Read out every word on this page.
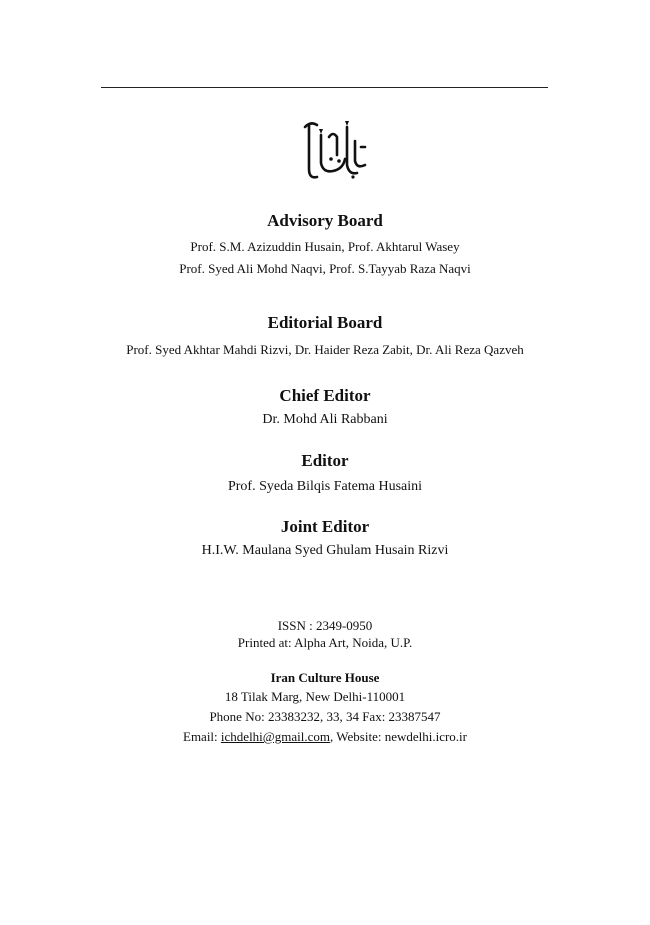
Advisory Board
Prof. S.M. Azizuddin Husain, Prof. Akhtarul Wasey
Prof. Syed Ali Mohd Naqvi, Prof. S.Tayyab Raza Naqvi
Editorial Board
Prof. Syed Akhtar Mahdi Rizvi, Dr. Haider Reza Zabit, Dr. Ali Reza Qazveh
Chief Editor
Dr. Mohd Ali Rabbani
Editor
Prof. Syeda Bilqis Fatema Husaini
Joint Editor
H.I.W. Maulana Syed Ghulam Husain Rizvi
ISSN : 2349-0950
Printed at: Alpha Art, Noida, U.P.
Iran Culture House
18 Tilak Marg, New Delhi-110001
Phone No: 23383232, 33, 34 Fax: 23387547
Email: ichdelhi@gmail.com, Website: newdelhi.icro.ir
